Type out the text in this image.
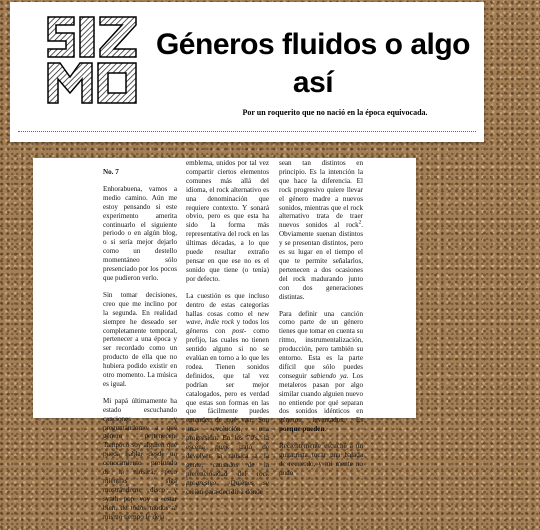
Géneros fluidos o algo así

Por un roquerito que no nació en la época equivocada.

No. 7

Enhorabuena, vamos a medio camino. Aún me estoy pensando si este experimento amerita continuarlo el siguiente periodo o en algún blog, o si sería mejor dejarlo como un destello momentáneo sólo presenciado por los pocos que pudieron verlo.

Sin tomar decisiones, creo que me inclino por la segunda. En realidad siempre he deseado ser completamente temporal, pertenecer a una época y ser recordado como un producto de ella que no hubiera podido existir en otro momento. La música es igual.

Mi papá últimamente ha estado escuchando canciones y preguntándome a qué género pertenecen. Tampoco soy alguien que pueda hablar desde un conocimiento profundo de la música, pero mientras siga mostrándome disco y synth pop voy a estar bien, de todos modos al mismo tiempo le deja

emblema, unidos por tal vez compartir ciertos elementos comunes más allá del idioma, el rock alternativo es una denominación que requiere contexto. Y sonará obvio, pero es que esta ha sido la forma más representativa del rock en las últimas décadas, a lo que puede resultar extraño pensar en que ese no es el sonido que tiene (o tenía) por defecto.

La cuestión es que incluso dentro de estas categorías hallas cosas como el new wave, indie rock y todos los géneros con post- como prefijo, las cuales no tienen sentido alguno si no se evalúan en torno a lo que les rodea. Tienen sonidos definidos, que tal vez podrían ser mejor catalogados, pero es verdad que estas son formas en las que fácilmente puedes entender de qué van. Son una evolución, una progresión. En los 70's, la escena punk trató de devolver la música a la gente, cansados de la pretenciosidad del rock progresivo. ¿Quiénes se creían para decidir a dónde

sean tan distintos en principio. Es la intención la que hace la diferencia. El rock progresivo quiere llevar el género madre a nuevos sonidos, mientras que el rock alternativo trata de traer nuevos sonidos al rock$^2$. Obviamente suenan distintos y se presentan distintos, pero es su lugar en el tiempo el que te permite señalarlos, pertenecen a dos ocasiones del rock madurando junto con dos generaciones distintas.

Para definir una canción como parte de un género tienes que tomar en cuenta su ritmo, instrumentalización, producción, pero también su entorno. Esta es la parte difícil que sólo puedes conseguir sabiendo ya. Los metaleros pasan por algo similar cuando alguien nuevo no entiende por qué separan dos sonidos idénticos en géneros inventados. Es porque pueden.

Recientemente escuché a un guitarrista tocar una balada de recuerdo, y mi mente no pudo
